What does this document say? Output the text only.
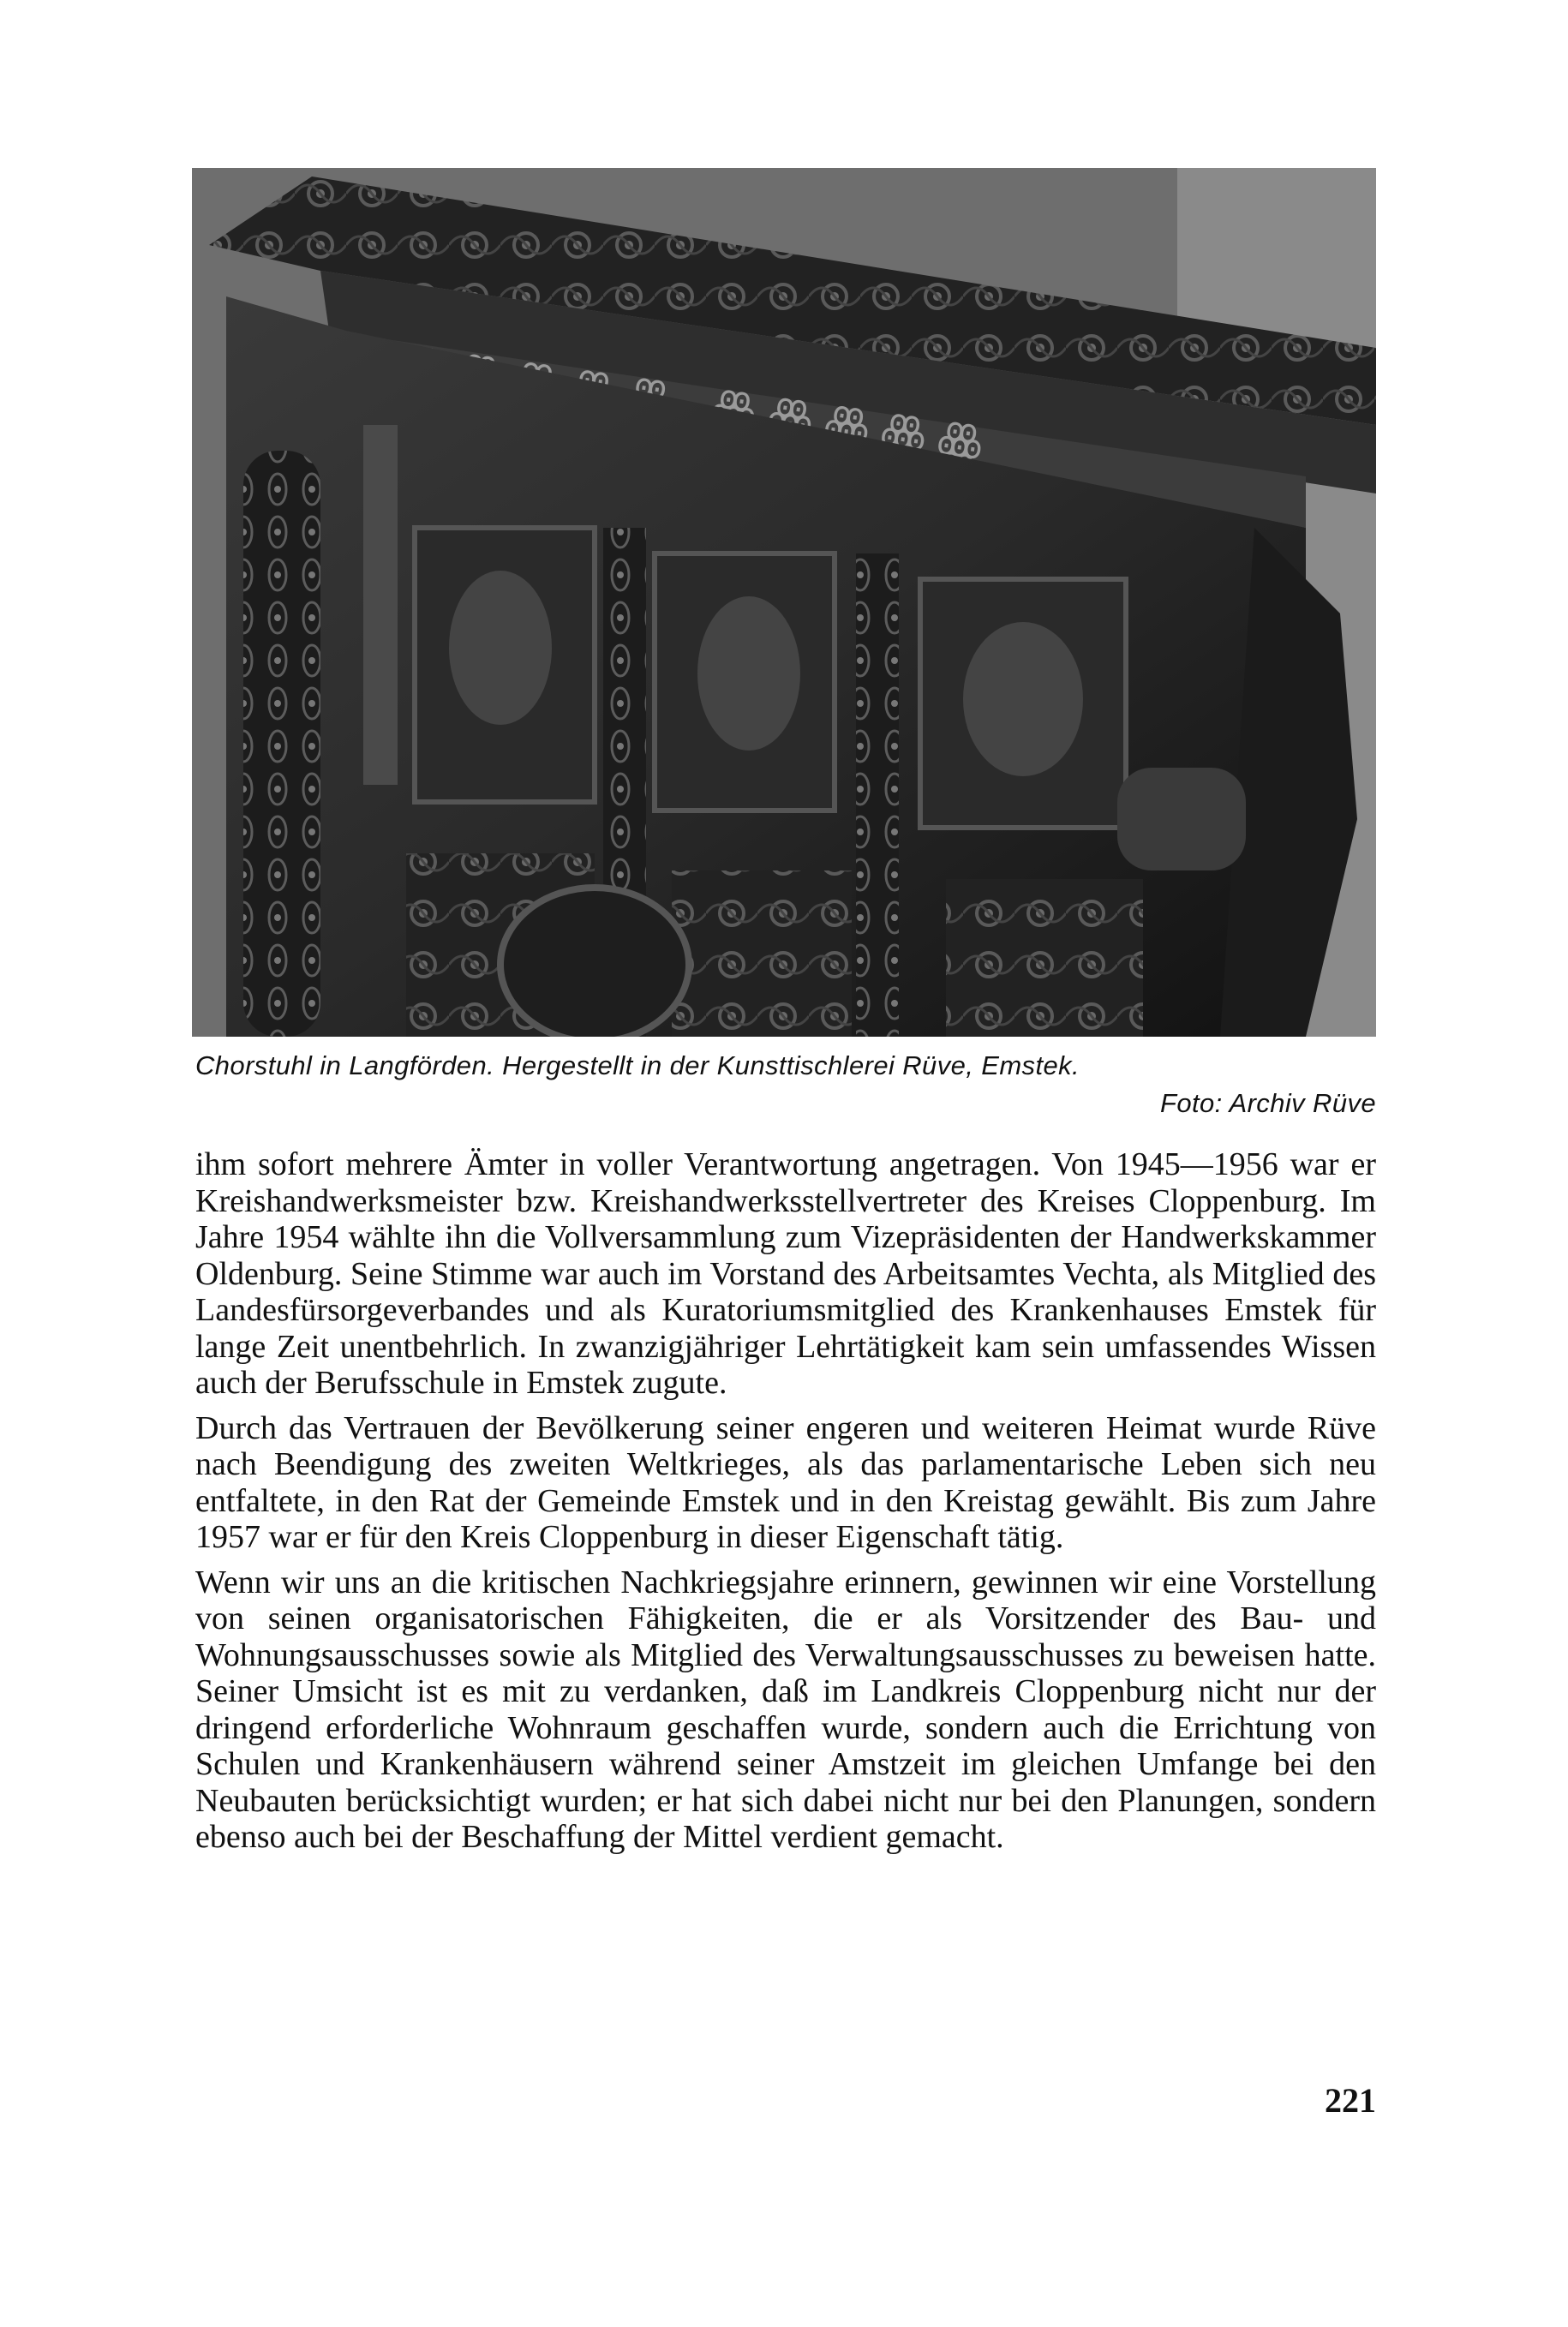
Chorstuhl in Langförden. Hergestellt in der Kunsttischlerei Rüve, Emstek.
Foto: Archiv Rüve

ihm sofort mehrere Ämter in voller Verantwortung angetragen. Von 1945—1956 war er Kreishandwerksmeister bzw. Kreishandwerksstellvertreter des Kreises Cloppenburg. Im Jahre 1954 wählte ihn die Vollversammlung zum Vizepräsidenten der Handwerkskammer Oldenburg. Seine Stimme war auch im Vorstand des Arbeitsamtes Vechta, als Mitglied des Landesfürsorgeverbandes und als Kuratoriumsmitglied des Krankenhauses Emstek für lange Zeit unentbehrlich. In zwanzigjähriger Lehrtätigkeit kam sein umfassendes Wissen auch der Berufsschule in Emstek zugute.

Durch das Vertrauen der Bevölkerung seiner engeren und weiteren Heimat wurde Rüve nach Beendigung des zweiten Weltkrieges, als das parlamentarische Leben sich neu entfaltete, in den Rat der Gemeinde Emstek und in den Kreistag gewählt. Bis zum Jahre 1957 war er für den Kreis Cloppenburg in dieser Eigenschaft tätig.

Wenn wir uns an die kritischen Nachkriegsjahre erinnern, gewinnen wir eine Vorstellung von seinen organisatorischen Fähigkeiten, die er als Vorsitzender des Bau- und Wohnungsausschusses sowie als Mitglied des Verwaltungsausschusses zu beweisen hatte. Seiner Umsicht ist es mit zu verdanken, daß im Landkreis Cloppenburg nicht nur der dringend erforderliche Wohnraum geschaffen wurde, sondern auch die Errichtung von Schulen und Krankenhäusern während seiner Amstzeit im gleichen Umfange bei den Neubauten berücksichtigt wurden; er hat sich dabei nicht nur bei den Planungen, sondern ebenso auch bei der Beschaffung der Mittel verdient gemacht.

221
